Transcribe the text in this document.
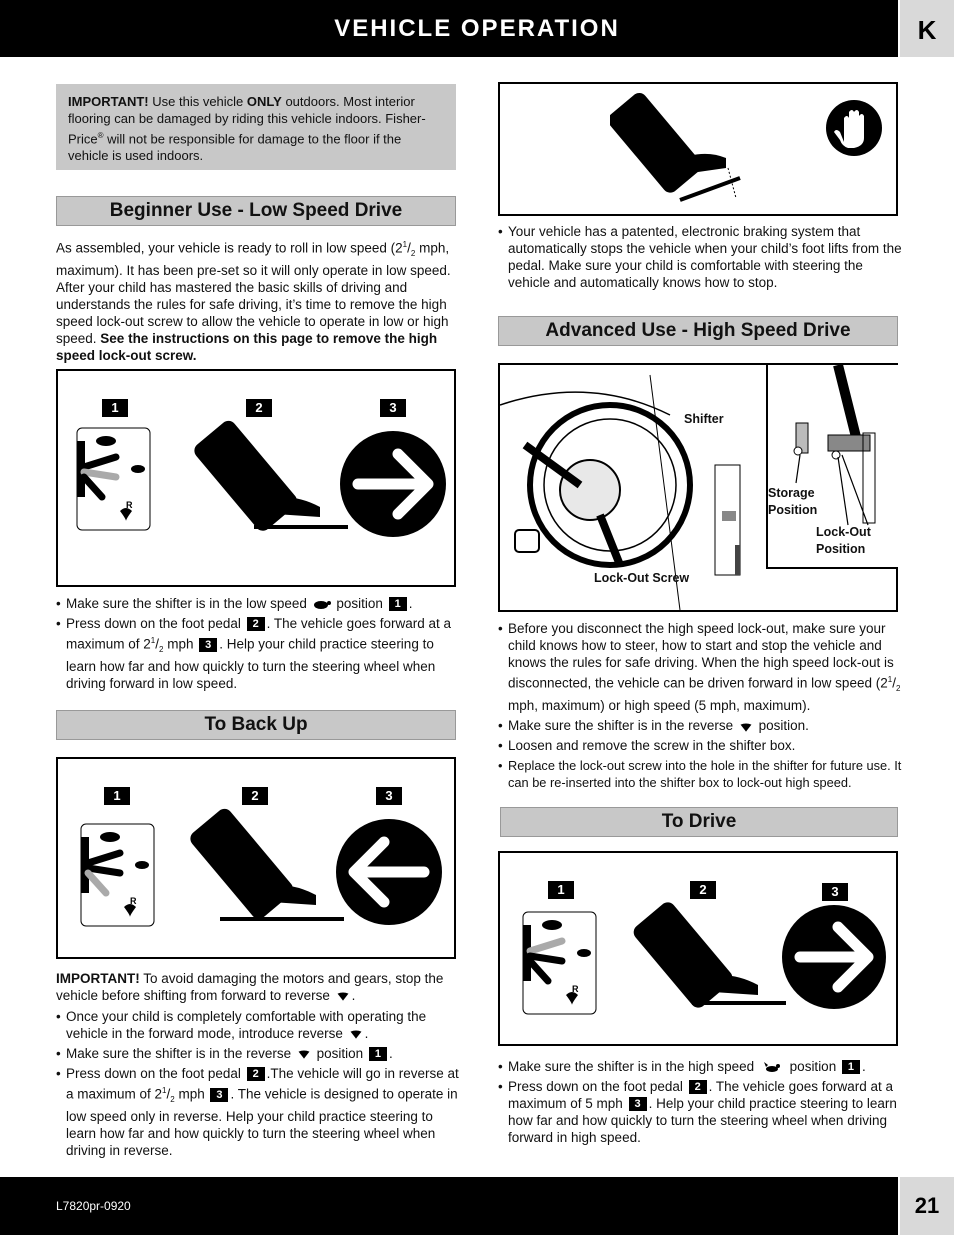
VEHICLE OPERATION	K
L7820pr-0920	21
IMPORTANT! Use this vehicle ONLY outdoors. Most interior flooring can be damaged by riding this vehicle indoors. Fisher-Price® will not be responsible for damage to the floor if the vehicle is used indoors.
Beginner Use - Low Speed Drive
As assembled, your vehicle is ready to roll in low speed ($2^1/_2$ mph, maximum). It has been pre-set so it will only operate in low speed. After your child has mastered the basic skills of driving and understands the rules for safe driving, it’s time to remove the high speed lock-out screw to allow the vehicle to operate in low or high speed. See the instructions on this page to remove the high speed lock-out screw.
1	2	3
R
• Make sure the shifter is in the low speed position 1 .
• Press down on the foot pedal 2 . The vehicle goes forward at a maximum of $2^1/_2$ mph 3 . Help your child practice steering to learn how far and how quickly to turn the steering wheel when driving forward in low speed.
To Back Up
1	2	3
R
IMPORTANT! To avoid damaging the motors and gears, stop the vehicle before shifting from forward to reverse .
• Once your child is completely comfortable with operating the vehicle in the forward mode, introduce reverse .
• Make sure the shifter is in the reverse position 1 .
• Press down on the foot pedal 2 .The vehicle will go in reverse at a maximum of $2^1/_2$ mph 3 . The vehicle is designed to operate in low speed only in reverse. Help your child practice steering to learn how far and how quickly to turn the steering wheel when driving in reverse.
• Your vehicle has a patented, electronic braking system that automatically stops the vehicle when your child’s foot lifts from the pedal. Make sure your child is comfortable with steering the vehicle and automatically knows how to stop.
Advanced Use - High Speed Drive
Shifter
Storage
Position
Lock-Out
Position
Lock-Out Screw
• Before you disconnect the high speed lock-out, make sure your child knows how to steer, how to start and stop the vehicle and knows the rules for safe driving. When the high speed lock-out is disconnected, the vehicle can be driven forward in low speed ($2^1/_2$ mph, maximum) or high speed (5 mph, maximum).
• Make sure the shifter is in the reverse position.
• Loosen and remove the screw in the shifter box.
• Replace the lock-out screw into the hole in the shifter for future use. It can be re-inserted into the shifter box to lock-out high speed.
To Drive
1	2	3
R
• Make sure the shifter is in the high speed	position 1 .
• Press down on the foot pedal 2 . The vehicle goes forward at a maximum of 5 mph 3 . Help your child practice steering to learn how far and how quickly to turn the steering wheel when driving forward in high speed.
